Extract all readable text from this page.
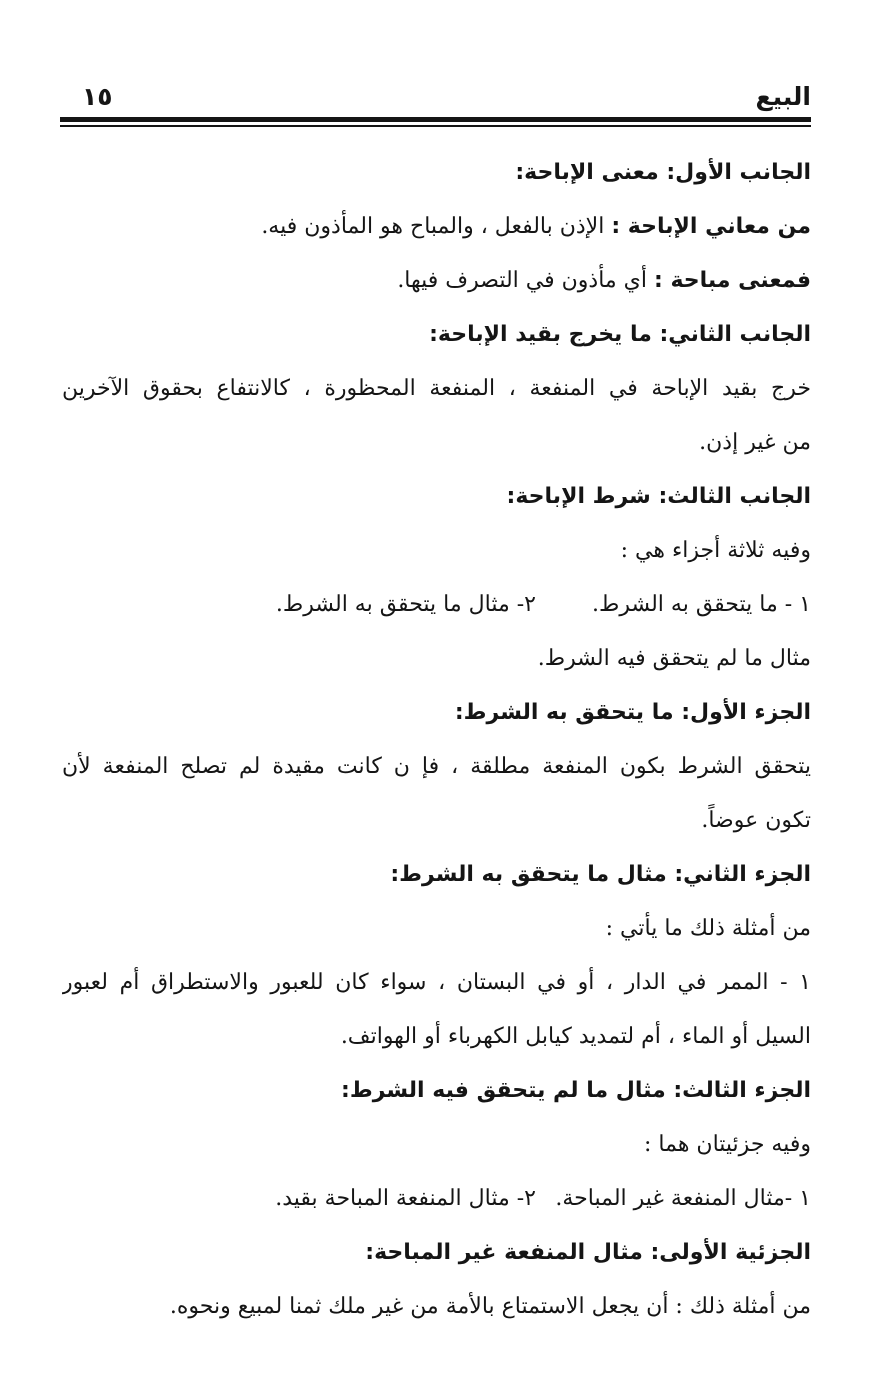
البيع
١٥
الجانب الأول: معنى الإباحة:
من معاني الإباحة : الإذن بالفعل ، والمباح هو المأذون فيه.
فمعنى مباحة : أي مأذون في التصرف فيها.
الجانب الثاني: ما يخرج بقيد الإباحة:
خرج بقيد الإباحة في المنفعة ، المنفعة المحظورة ، كالانتفاع بحقوق الآخرين
من غير إذن.
الجانب الثالث: شرط الإباحة:
وفيه ثلاثة أجزاء هي :
١ - ما يتحقق به الشرط.
٢- مثال ما يتحقق به الشرط.
مثال ما لم يتحقق فيه الشرط.
الجزء الأول: ما يتحقق به الشرط:
يتحقق الشرط بكون المنفعة مطلقة ، فإ ن كانت مقيدة لم تصلح المنفعة لأن
تكون عوضاً.
الجزء الثاني: مثال ما يتحقق به الشرط:
من أمثلة ذلك ما يأتي :
١ - الممر في الدار ، أو في البستان ، سواء كان للعبور والاستطراق أم لعبور
السيل أو الماء ، أم لتمديد كيابل الكهرباء أو الهواتف.
الجزء الثالث: مثال ما لم يتحقق فيه الشرط:
وفيه جزئيتان هما :
١ -مثال المنفعة غير المباحة.
٢- مثال المنفعة المباحة بقيد.
الجزئية الأولى: مثال المنفعة غير المباحة:
من أمثلة ذلك : أن يجعل الاستمتاع بالأمة من غير ملك ثمنا لمبيع ونحوه.
